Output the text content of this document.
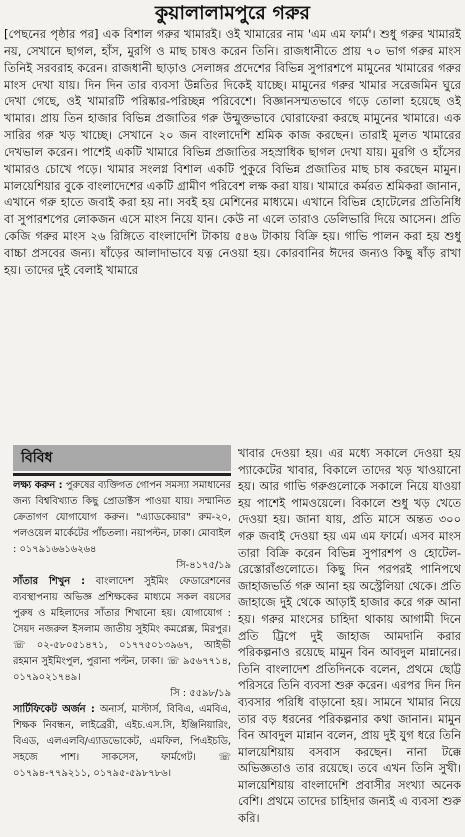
কুয়ালালামপুরে গরুর

[পেছনের পৃষ্ঠার পর] এক বিশাল গরুর খামারই। ওই খামারের নাম 'এম এম ফার্ম'। শুধু গরুর খামারই নয়, সেখানে ছাগল, হাঁস, মুরগি ও মাছ চাষও করেন তিনি। রাজধানীতে প্রায় ৭০ ভাগ গরুর মাংস তিনিই সরবরাহ করেন। রাজধানী ছাড়াও সেলাঙ্গর প্রদেশের বিভিন্ন সুপারশপে মামুনের খামারের গরুর মাংস দেখা যায়। দিন দিন তার ব্যবসা উন্নতির দিকেই যাচ্ছে। মামুনের গরুর খামার সরেজমিন ঘুরে দেখা গেছে, ওই খামারটি পরিষ্কার-পরিচ্ছন্ন পরিবেশে। বিজ্ঞানসম্মতভাবে গড়ে তোলা হয়েছে ওই খামার। প্রায় তিন হাজার বিভিন্ন প্রজাতির গরু উন্মুক্তভাবে ঘোরাফেরা করছে মামুনের খামারে। এক সারির গরু খড় খাচ্ছে। সেখানে ২০ জন বাংলাদেশি শ্রমিক কাজ করছেন। তারাই মূলত খামারের দেখভাল করেন। পাশেই একটি খামারে বিভিন্ন প্রজাতির সহস্রাধিক ছাগল দেখা যায়। মুরগি ও হাঁসের খামারও চোখে পড়ে। খামার সংলগ্ন বিশাল একটি পুকুরে বিভিন্ন প্রজাতির মাছ চাষ করছেন মামুন। মালয়েশিয়ার বুকে বাংলাদেশের একটি গ্রামীণ পরিবেশ লক্ষ করা যায়। খামারে কর্মরত শ্রমিকরা জানান, এখানে গরু হাতে জবাই করা হয় না। সবই হয় মেশিনের মাধ্যমে। এখানে বিভিন্ন হোটেলের প্রতিনিধি বা সুপারশপের লোকজন এসে মাংস নিয়ে যান। কেউ না এলে তারাও ডেলিভারি দিয়ে আসেন। প্রতি কেজি গরুর মাংস ২৬ রিঙ্গিতে বাংলাদেশি টাকায় ৫৪৬ টাকায় বিক্রি হয়। গাভি পালন করা হয় শুধু বাচ্চা প্রসবের জন্য। ষাঁড়ের আলাদাভাবে যত্ন নেওয়া হয়। কোরবানির ঈদের জন্যও কিছু ষাঁড় রাখা হয়। তাদের দুই বেলাই খামারে

বিবিধ

লক্ষ্য করুন : পুরুষের ব্যক্তিগত গোপন সমস্যা সমাধানের জন্য বিশ্ববিখ্যাত কিছু প্রোডাক্টস পাওয়া যায়। সম্মানিত ক্রেতাগণ যোগাযোগ করুন। "এ্যাডকেয়ার" রুম-২০, পলওয়েল মার্কেটের পাঁচতলা। নয়াপল্টন, ঢাকা। মোবাইল : ০১৭৯১৬৬১৬২৬৪

সি-৪১৭৫/১৯

সাঁতার শিখুন : বাংলাদেশ সুইমিং ফেডারেশনের ব্যবস্থাপনায় অভিজ্ঞ প্রশিক্ষকের মাধ্যমে সকল বয়সের পুরুষ ও মহিলাদের সাঁতার শিখানো হয়। যোগাযোগ : সৈয়দ নজরুল ইসলাম জাতীয় সুইমিং কমপ্লেক্স, মিরপুর। ☏ ০২-৫৮০৫১৪৭১, ০১৭৭৫০১৩৯৬৭, আইভী রহমান সুইমিংপুল, পুরানা পল্টন, ঢাকা। ☏ ৯৫৬৭৭১৪, ০১৭৯০২১৭৪৯।

সি : ৫৫৯৮/১৯

সার্টিফিকেট অর্জন : অনার্স, মাস্টার্স, বিবিএ, এমবিএ, শিক্ষক নিবন্ধন, লাইব্রেরী, এইচ.এস.সি, ইঞ্জিনিয়ারিং, বিএড, এলএলবি/এ্যাডভোকেট, এমফিল, পিএইচডি, সহজে পাশ। সাকসেস, ফার্মগেট। ☏ ০১৭৯৪-৭৭৯২১১, ০১৭৯৫-৫৯৮৭৮৬।

খাবার দেওয়া হয়। এর মধ্যে সকালে দেওয়া হয় প্যাকেটের খাবার, বিকালে তাদের খড় খাওয়ানো হয়। আর গাভি গরুগুলোকে সকালে নিয়ে যাওয়া হয় পাশেই পামওয়েলে। বিকালে শুধু খড় খেতে দেওয়া হয়। জানা যায়, প্রতি মাসে অন্তত ৩০০ গরু জবাই দেওয়া হয় এম এম ফার্মে। এসব মাংস তারা বিক্রি করেন বিভিন্ন সুপারশপ ও হোটেল-রেস্তোরাঁগুলোতে। কিছু দিন পরপরই পানিপথে জাহাজভর্তি গরু আনা হয় অস্ট্রেলিয়া থেকে। প্রতি জাহাজে দুই থেকে আড়াই হাজার করে গরু আনা হয়। গরুর মাংসের চাহিদা থাকায় আগামী দিনে প্রতি ট্রিপে দুই জাহাজ আমদানি করার পরিকল্পনাও রয়েছে মামুন বিন আবদুল মান্নানের। তিনি বাংলাদেশ প্রতিদিনকে বলেন, প্রথমে ছোট্ট পরিসরে তিনি ব্যবসা শুরু করেন। এরপর দিন দিন ব্যবসার পরিধি বাড়ানো হয়। সামনে খামার নিয়ে তার বড় ধরনের পরিকল্পনার কথা জানান। মামুন বিন আবদুল মান্নান বলেন, প্রায় দুই যুগ ধরে তিনি মালয়েশিয়ায় বসবাস করছেন। নানা টক্কে অভিজ্ঞতাও তার রয়েছে। তবে এখন তিনি সুখী। মালয়েশিয়ায় বাংলাদেশি প্রবাসীর সংখ্যা অনেক বেশি। প্রথমে তাদের চাহিদার জন্যই এ ব্যবসা শুরু করি।
